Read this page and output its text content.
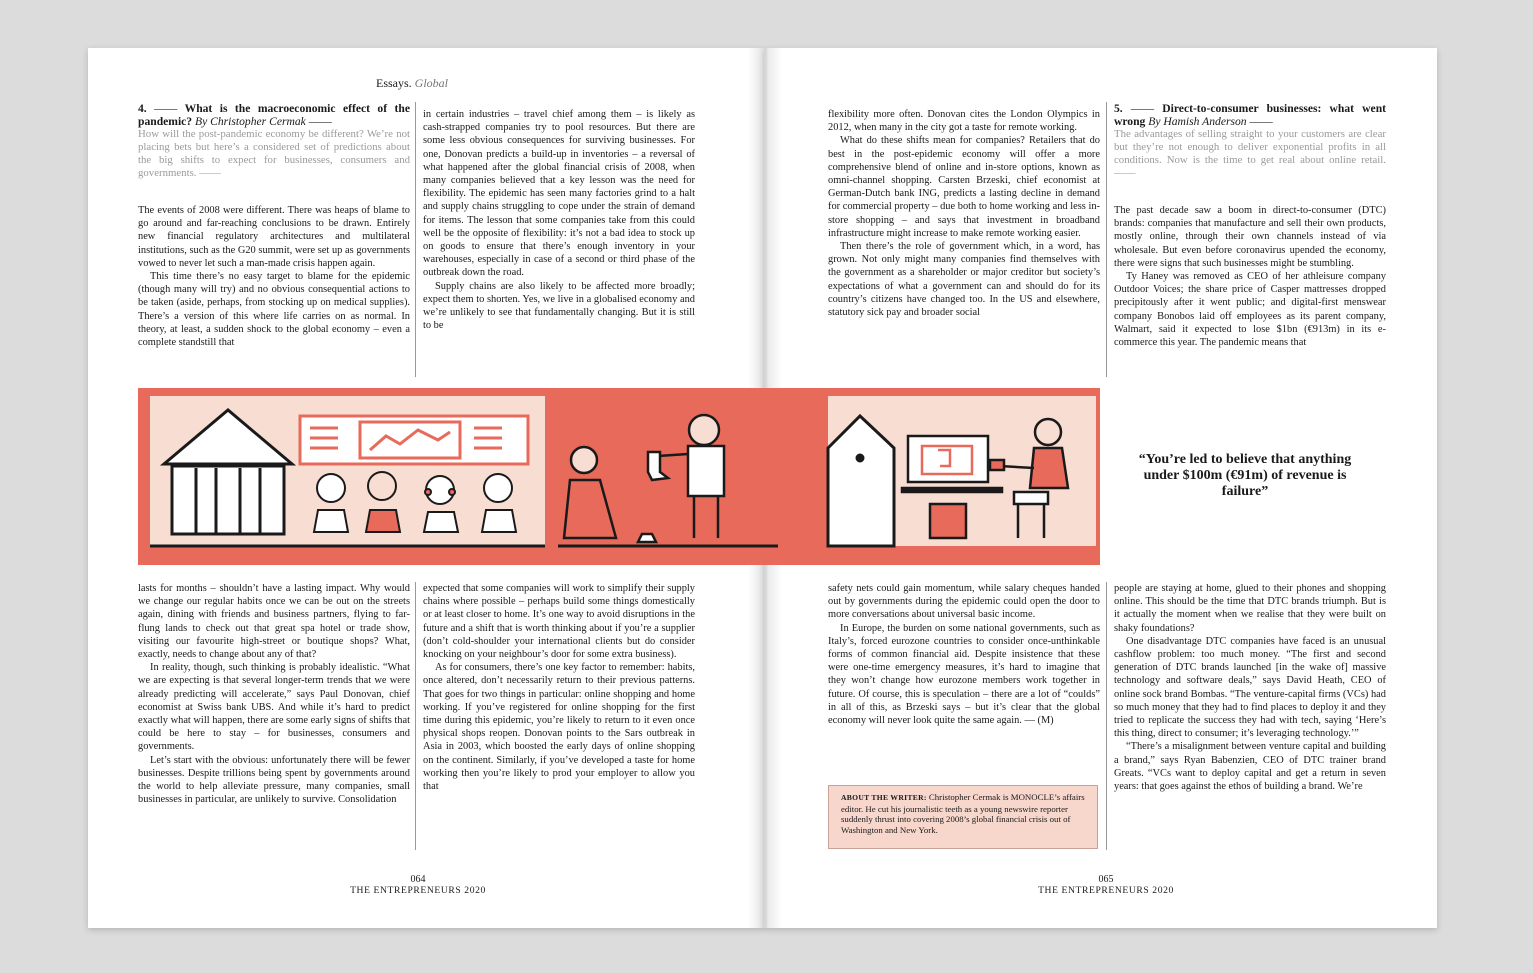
Essays. Global

4. —— What is the macroeconomic effect of the pandemic? By Christopher Cermak ——

How will the post-pandemic economy be different? We’re not placing bets but here’s a considered set of predictions about the big shifts to expect for businesses, consumers and governments. ——

The events of 2008 were different. There was heaps of blame to go around and far-reaching conclusions to be drawn. Entirely new financial regulatory architectures and multilateral institutions, such as the G20 summit, were set up as governments vowed to never let such a man-made crisis happen again.

This time there’s no easy target to blame for the epidemic (though many will try) and no obvious consequential actions to be taken (aside, perhaps, from stocking up on medical supplies). There’s a version of this where life carries on as normal. In theory, at least, a sudden shock to the global economy – even a complete standstill that

in certain industries – travel chief among them – is likely as cash-strapped companies try to pool resources. But there are some less obvious consequences for surviving businesses. For one, Donovan predicts a build-up in inventories – a reversal of what happened after the global financial crisis of 2008, when many companies believed that a key lesson was the need for flexibility. The epidemic has seen many factories grind to a halt and supply chains struggling to cope under the strain of demand for items. The lesson that some companies take from this could well be the opposite of flexibility: it’s not a bad idea to stock up on goods to ensure that there’s enough inventory in your warehouses, especially in case of a second or third phase of the outbreak down the road.

Supply chains are also likely to be affected more broadly; expect them to shorten. Yes, we live in a globalised economy and we’re unlikely to see that fundamentally changing. But it is still to be

flexibility more often. Donovan cites the London Olympics in 2012, when many in the city got a taste for remote working.

What do these shifts mean for companies? Retailers that do best in the post-epidemic economy will offer a more comprehensive blend of online and in-store options, known as omni-channel shopping. Carsten Brzeski, chief economist at German-Dutch bank ING, predicts a lasting decline in demand for commercial property – due both to home working and less in-store shopping – and says that investment in broadband infrastructure might increase to make remote working easier.

Then there’s the role of government which, in a word, has grown. Not only might many companies find themselves with the government as a shareholder or major creditor but society’s expectations of what a government can and should do for its country’s citizens have changed too. In the US and elsewhere, statutory sick pay and broader social

5. —— Direct-to-consumer businesses: what went wrong By Hamish Anderson ——

The advantages of selling straight to your customers are clear but they’re not enough to deliver exponential profits in all conditions. Now is the time to get real about online retail. ——

The past decade saw a boom in direct-to-consumer (DTC) brands: companies that manufacture and sell their own products, mostly online, through their own channels instead of via wholesale. But even before coronavirus upended the economy, there were signs that such businesses might be stumbling.

Ty Haney was removed as CEO of her athleisure company Outdoor Voices; the share price of Casper mattresses dropped precipitously after it went public; and digital-first menswear company Bonobos laid off employees as its parent company, Walmart, said it expected to lose $1bn (€913m) in its e-commerce this year. The pandemic means that

“You’re led to believe that anything under $100m (€91m) of revenue is failure”

lasts for months – shouldn’t have a lasting impact. Why would we change our regular habits once we can be out on the streets again, dining with friends and business partners, flying to far-flung lands to check out that great spa hotel or trade show, visiting our favourite high-street or boutique shops? What, exactly, needs to change about any of that?

In reality, though, such thinking is probably idealistic. “What we are expecting is that several longer-term trends that we were already predicting will accelerate,” says Paul Donovan, chief economist at Swiss bank UBS. And while it’s hard to predict exactly what will happen, there are some early signs of shifts that could be here to stay – for businesses, consumers and governments.

Let’s start with the obvious: unfortunately there will be fewer businesses. Despite trillions being spent by governments around the world to help alleviate pressure, many companies, small businesses in particular, are unlikely to survive. Consolidation

expected that some companies will work to simplify their supply chains where possible – perhaps build some things domestically or at least closer to home. It’s one way to avoid disruptions in the future and a shift that is worth thinking about if you’re a supplier (don’t cold-shoulder your international clients but do consider knocking on your neighbour’s door for some extra business).

As for consumers, there’s one key factor to remember: habits, once altered, don’t necessarily return to their previous patterns. That goes for two things in particular: online shopping and home working. If you’ve registered for online shopping for the first time during this epidemic, you’re likely to return to it even once physical shops reopen. Donovan points to the Sars outbreak in Asia in 2003, which boosted the early days of online shopping on the continent. Similarly, if you’ve developed a taste for home working then you’re likely to prod your employer to allow you that

safety nets could gain momentum, while salary cheques handed out by governments during the epidemic could open the door to more conversations about universal basic income.

In Europe, the burden on some national governments, such as Italy’s, forced eurozone countries to consider once-unthinkable forms of common financial aid. Despite insistence that these were one-time emergency measures, it’s hard to imagine that they won’t change how eurozone members work together in future. Of course, this is speculation – there are a lot of “coulds” in all of this, as Brzeski says – but it’s clear that the global economy will never look quite the same again. — (M)

ABOUT THE WRITER: Christopher Cermak is MONOCLE’s affairs editor. He cut his journalistic teeth as a young newswire reporter suddenly thrust into covering 2008’s global financial crisis out of Washington and New York.

people are staying at home, glued to their phones and shopping online. This should be the time that DTC brands triumph. But is it actually the moment when we realise that they were built on shaky foundations?

One disadvantage DTC companies have faced is an unusual cashflow problem: too much money. “The first and second generation of DTC brands launched [in the wake of] massive technology and software deals,” says David Heath, CEO of online sock brand Bombas. “The venture-capital firms (VCs) had so much money that they had to find places to deploy it and they tried to replicate the success they had with tech, saying ‘Here’s this thing, direct to consumer; it’s leveraging technology.’”

“There’s a misalignment between venture capital and building a brand,” says Ryan Babenzien, CEO of DTC trainer brand Greats. “VCs want to deploy capital and get a return in seven years: that goes against the ethos of building a brand. We’re

064
THE ENTREPRENEURS 2020
065
THE ENTREPRENEURS 2020
